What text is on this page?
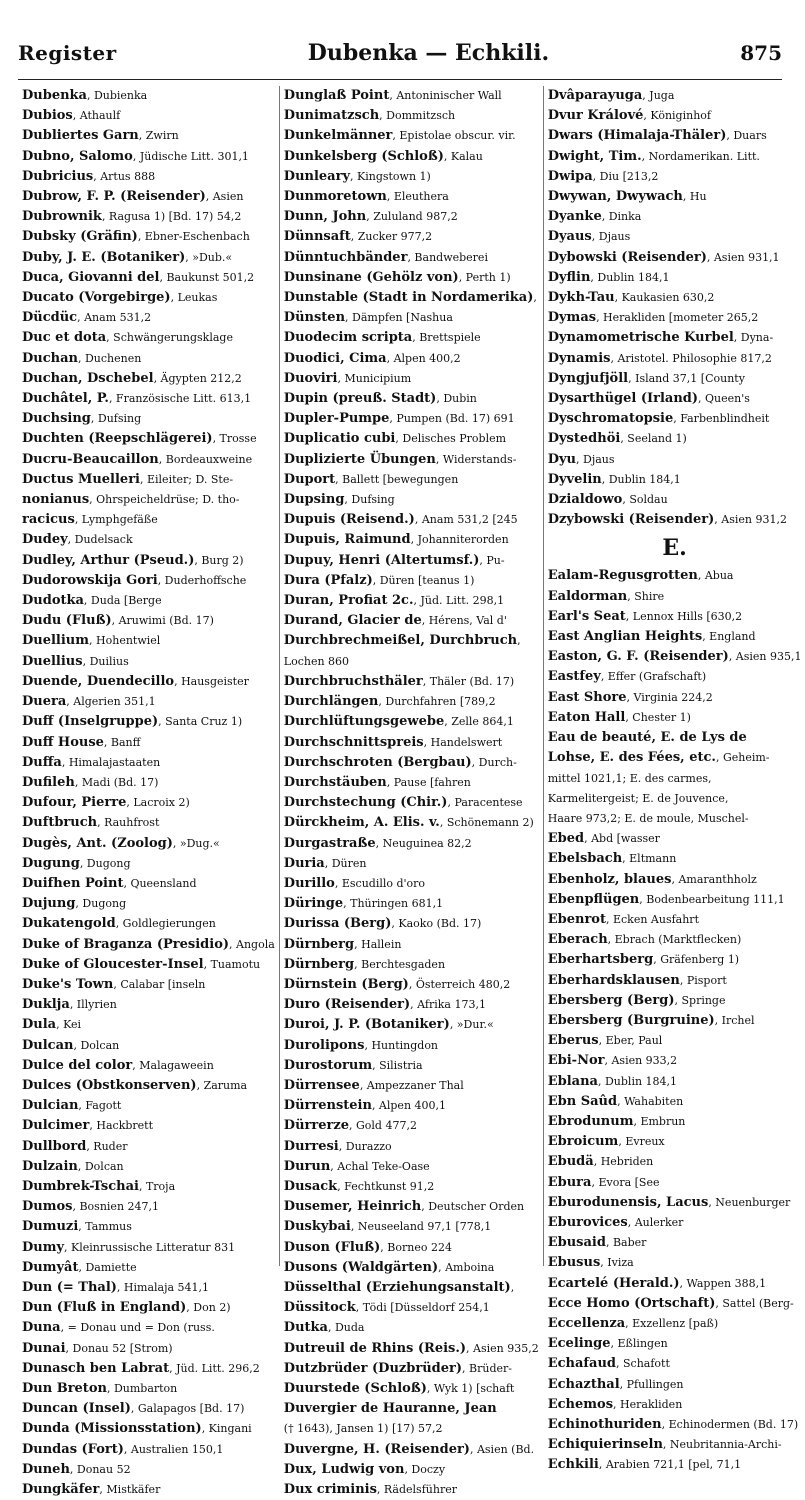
Register	Dubenka — Echkili.	875
Dubenka, Dubienka
Dubios, Athaulf
Dubliertes Garn, Zwirn
Dubno, Salomo, Jüdische Litt. 301,1
Dubricius, Artus 888
Dubrow, F. P. (Reisender), Asien
Dubrownik, Ragusa 1) [Bd. 17) 54,2
Dubsky (Gräfin), Ebner-Eschenbach
Duby, J. E. (Botaniker), »Dub.«
Duca, Giovanni del, Baukunst 501,2
Ducato (Vorgebirge), Leukas
Dücdüc, Anam 531,2
Duc et dota, Schwängerungsklage
Duchan, Duchenen
Duchan, Dschebel, Ägypten 212,2
Duchâtel, P., Französische Litt. 613,1
Duchsing, Dufsing
Duchten (Reepschlägerei), Trosse
Ducru-Beaucaillon, Bordeauxweine
Ductus Muelleri, Eileiter; D. Ste-
nonianus, Ohrspeicheldrüse; D. tho-
racicus, Lymphgefäße
Dudey, Dudelsack
Dudley, Arthur (Pseud.), Burg 2)
Dudorowskija Gori, Duderhoffsche
Dudotka, Duda [Berge
Dudu (Fluß), Aruwimi (Bd. 17)
Duellium, Hohentwiel
Duellius, Duilius
Duende, Duendecillo, Hausgeister
Duera, Algerien 351,1
Duff (Inselgruppe), Santa Cruz 1)
Duff House, Banff
Duffa, Himalajastaaten
Dufileh, Madi (Bd. 17)
Dufour, Pierre, Lacroix 2)
Duftbruch, Rauhfrost
Dugès, Ant. (Zoolog), »Dug.«
Dugung, Dugong
Duifhen Point, Queensland
Dujung, Dugong
Dukatengold, Goldlegierungen
Duke of Braganza (Presidio), Angola
Duke of Gloucester-Insel, Tuamotu
Duke's Town, Calabar [inseln
Duklja, Illyrien
Dula, Kei
Dulcan, Dolcan
Dulce del color, Malagaweein
Dulces (Obstkonserven), Zaruma
Dulcian, Fagott
Dulcimer, Hackbrett
Dullbord, Ruder
Dulzain, Dolcan
Dumbrek-Tschai, Troja
Dumos, Bosnien 247,1
Dumuzi, Tammus
Dumy, Kleinrussische Litteratur 831
Dumyât, Damiette
Dun (= Thal), Himalaja 541,1
Dun (Fluß in England), Don 2)
Duna, = Donau und = Don (russ.
Dunai, Donau 52 [Strom)
Dunasch ben Labrat, Jüd. Litt. 296,2
Dun Breton, Dumbarton
Duncan (Insel), Galapagos [Bd. 17)
Dunda (Missionsstation), Kingani
Dundas (Fort), Australien 150,1
Duneh, Donau 52
Dungkäfer, Mistkäfer
Dunglaß Point, Antoninischer Wall
Dunimatzsch, Dommitzsch
Dunkelmänner, Epistolae obscur. vir.
Dunkelsberg (Schloß), Kalau
Dunleary, Kingstown 1)
Dunmoretown, Eleuthera
Dunn, John, Zululand 987,2
Dünnsaft, Zucker 977,2
Dünntuchbänder, Bandweberei
Dunsinane (Gehölz von), Perth 1)
Dunstable (Stadt in Nordamerika),
Dünsten, Dämpfen [Nashua
Duodecim scripta, Brettspiele
Duodici, Cima, Alpen 400,2
Duoviri, Municipium
Dupin (preuß. Stadt), Dubin
Dupler-Pumpe, Pumpen (Bd. 17) 691
Duplicatio cubi, Delisches Problem
Duplizierte Übungen, Widerstands-
Duport, Ballett [bewegungen
Dupsing, Dufsing
Dupuis (Reisend.), Anam 531,2 [245
Dupuis, Raimund, Johanniterorden
Dupuy, Henri (Altertumsf.), Pu-
Dura (Pfalz), Düren [teanus 1)
Duran, Profiat 2c., Jüd. Litt. 298,1
Durand, Glacier de, Hérens, Val d'
Durchbrechmeißel, Durchbruch,
Lochen 860
Durchbruchsthäler, Thäler (Bd. 17)
Durchlängen, Durchfahren [789,2
Durchlüftungsgewebe, Zelle 864,1
Durchschnittspreis, Handelswert
Durchschroten (Bergbau), Durch-
Durchstäuben, Pause [fahren
Durchstechung (Chir.), Paracentese
Dürckheim, A. Elis. v., Schönemann 2)
Durgastraße, Neuguinea 82,2
Duria, Düren
Durillo, Escudillo d'oro
Düringe, Thüringen 681,1
Durissa (Berg), Kaoko (Bd. 17)
Dürnberg, Hallein
Dürnberg, Berchtesgaden
Dürnstein (Berg), Österreich 480,2
Duro (Reisender), Afrika 173,1
Duroi, J. P. (Botaniker), »Dur.«
Durolipons, Huntingdon
Durostorum, Silistria
Dürrensee, Ampezzaner Thal
Dürrenstein, Alpen 400,1
Dürrerze, Gold 477,2
Durresi, Durazzo
Durun, Achal Teke-Oase
Dusack, Fechtkunst 91,2
Dusemer, Heinrich, Deutscher Orden
Duskybai, Neuseeland 97,1 [778,1
Duson (Fluß), Borneo 224
Dusons (Waldgärten), Amboina
Düsselthal (Erziehungsanstalt),
Düssitock, Tödi [Düsseldorf 254,1
Dutka, Duda
Dutreuil de Rhins (Reis.), Asien 935,2
Dutzbrüder (Duzbrüder), Brüder-
Duurstede (Schloß), Wyk 1) [schaft
Duvergier de Hauranne, Jean
(† 1643), Jansen 1) [17) 57,2
Duvergne, H. (Reisender), Asien (Bd.
Dux, Ludwig von, Doczy
Dux criminis, Rädelsführer
Dvâparayuga, Juga
Dvur Králové, Königinhof
Dwars (Himalaja-Thäler), Duars
Dwight, Tim., Nordamerikan. Litt.
Dwipa, Diu [213,2
Dwywan, Dwywach, Hu
Dyanke, Dinka
Dyaus, Djaus
Dybowski (Reisender), Asien 931,1
Dyflin, Dublin 184,1
Dykh-Tau, Kaukasien 630,2
Dymas, Herakliden [mometer 265,2
Dynamometrische Kurbel, Dyna-
Dynamis, Aristotel. Philosophie 817,2
Dyngjufjöll, Island 37,1 [County
Dysarthügel (Irland), Queen's
Dyschromatopsie, Farbenblindheit
Dystedhöi, Seeland 1)
Dyu, Djaus
Dyvelin, Dublin 184,1
Dzialdowo, Soldau
Dzybowski (Reisender), Asien 931,2
E.
Ealam-Regusgrotten, Abua
Ealdorman, Shire
Earl's Seat, Lennox Hills [630,2
East Anglian Heights, England
Easton, G. F. (Reisender), Asien 935,1
Eastfey, Effer (Grafschaft)
East Shore, Virginia 224,2
Eaton Hall, Chester 1)
Eau de beauté, E. de Lys de
Lohse, E. des Fées, etc., Geheim-
mittel 1021,1; E. des carmes,
Karmelitergeist; E. de Jouvence,
Haare 973,2; E. de moule, Muschel-
Ebed, Abd [wasser
Ebelsbach, Eltmann
Ebenholz, blaues, Amaranthholz
Ebenpflügen, Bodenbearbeitung 111,1
Ebenrot, Ecken Ausfahrt
Eberach, Ebrach (Marktflecken)
Eberhartsberg, Gräfenberg 1)
Eberhardsklausen, Pisport
Ebersberg (Berg), Springe
Ebersberg (Burgruine), Irchel
Eberus, Eber, Paul
Ebi-Nor, Asien 933,2
Eblana, Dublin 184,1
Ebn Saûd, Wahabiten
Ebrodunum, Embrun
Ebroicum, Evreux
Ebudä, Hebriden
Ebura, Evora [See
Eburodunensis, Lacus, Neuenburger
Eburovices, Aulerker
Ebusaid, Baber
Ebusus, Iviza
Ecartelé (Herald.), Wappen 388,1
Ecce Homo (Ortschaft), Sattel (Berg-
Eccellenza, Exzellenz [paß)
Ecelinge, Eßlingen
Echafaud, Schafott
Echazthal, Pfullingen
Echemos, Herakliden
Echinothuriden, Echinodermen (Bd. 17)
Echiquierinseln, Neubritannia-Archi-
Echkili, Arabien 721,1 [pel, 71,1
